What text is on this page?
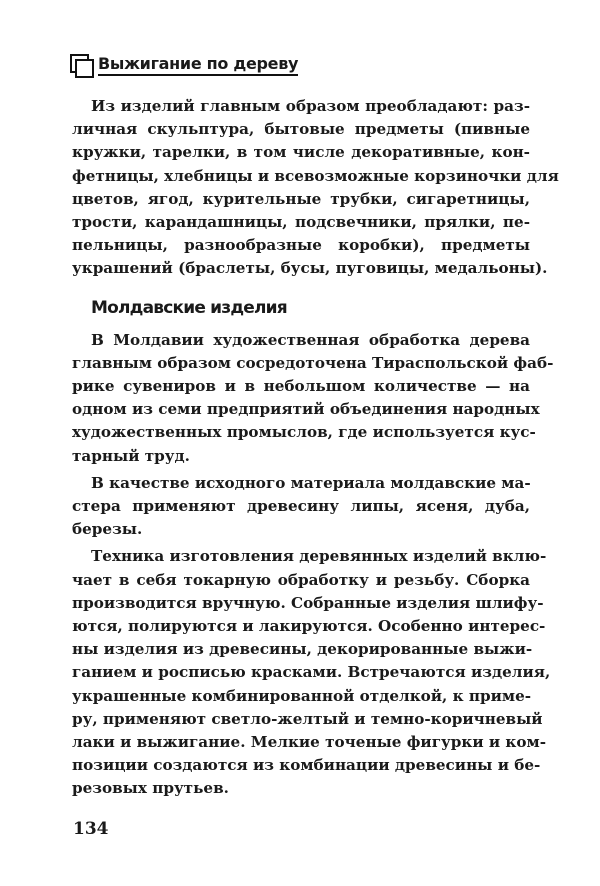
Выжигание по дереву

Из изделий главным образом преобладают: раз-
личная скульптура, бытовые предметы (пивные
кружки, тарелки, в том числе декоративные, кон-
фетницы, хлебницы и всевозможные корзиночки для
цветов, ягод, курительные трубки, сигаретницы,
трости, карандашницы, подсвечники, прялки, пе-
пельницы, разнообразные коробки), предметы
украшений (браслеты, бусы, пуговицы, медальоны).

Молдавские изделия

В Молдавии художественная обработка дерева
главным образом сосредоточена Тираспольской фаб-
рике сувениров и в небольшом количестве — на
одном из семи предприятий объединения народных
художественных промыслов, где используется кус-
тарный труд.

В качестве исходного материала молдавские ма-
стера применяют древесину липы, ясеня, дуба,
березы.

Техника изготовления деревянных изделий вклю-
чает в себя токарную обработку и резьбу. Сборка
производится вручную. Собранные изделия шлифу-
ются, полируются и лакируются. Особенно интерес-
ны изделия из древесины, декорированные выжи-
ганием и росписью красками. Встречаются изделия,
украшенные комбинированной отделкой, к приме-
ру, применяют светло-желтый и темно-коричневый
лаки и выжигание. Мелкие точеные фигурки и ком-
позиции создаются из комбинации древесины и бе-
резовых прутьев.

134
